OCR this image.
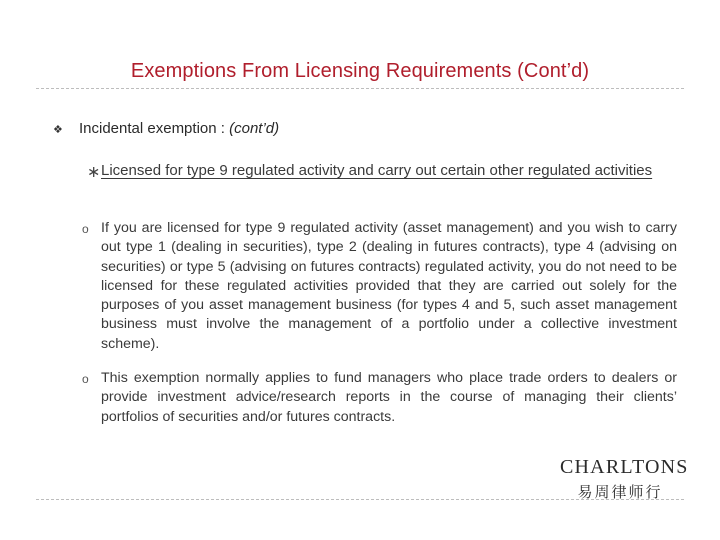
Exemptions From Licensing Requirements (Cont’d)
❖ Incidental exemption : (cont’d)
∗ Licensed for type 9 regulated activity and carry out certain other regulated activities
o If you are licensed for type 9 regulated activity (asset management) and you wish to carry out type 1 (dealing in securities), type 2 (dealing in futures contracts), type 4 (advising on securities) or type 5 (advising on futures contracts) regulated activity, you do not need to be licensed for these regulated activities provided that they are carried out solely for the purposes of you asset management business (for types 4 and 5, such asset management business must involve the management of a portfolio under a collective investment scheme).
o This exemption normally applies to fund managers who place trade orders to dealers or provide investment advice/research reports in the course of managing their clients’ portfolios of securities and/or futures contracts.
CHARLTONS
易周律师行
